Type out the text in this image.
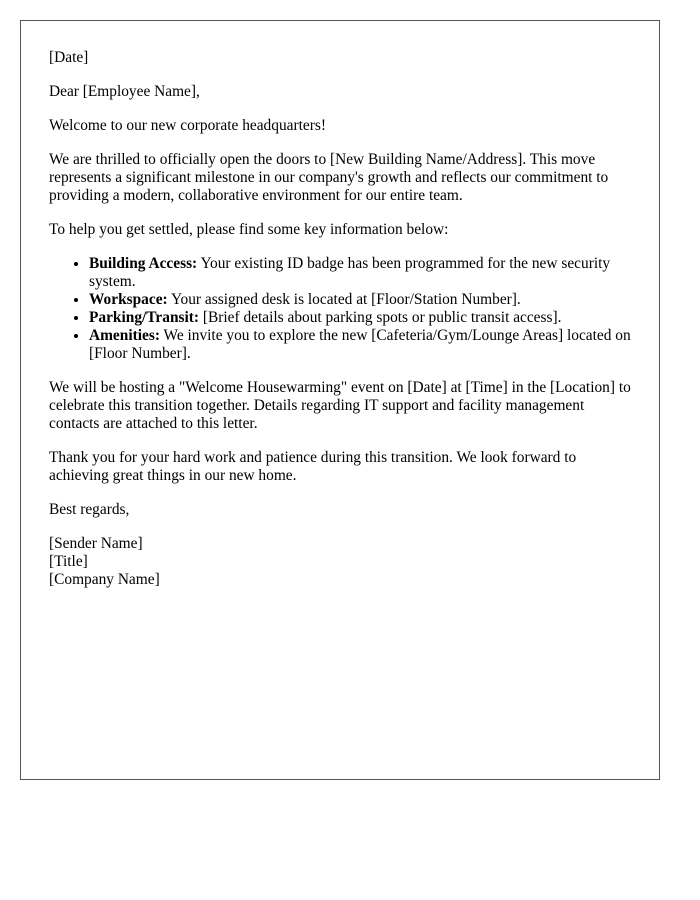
[Date]

Dear [Employee Name],

Welcome to our new corporate headquarters!

We are thrilled to officially open the doors to [New Building Name/Address]. This move represents a significant milestone in our company's growth and reflects our commitment to providing a modern, collaborative environment for our entire team.

To help you get settled, please find some key information below:

• Building Access: Your existing ID badge has been programmed for the new security system.
• Workspace: Your assigned desk is located at [Floor/Station Number].
• Parking/Transit: [Brief details about parking spots or public transit access].
• Amenities: We invite you to explore the new [Cafeteria/Gym/Lounge Areas] located on [Floor Number].

We will be hosting a "Welcome Housewarming" event on [Date] at [Time] in the [Location] to celebrate this transition together. Details regarding IT support and facility management contacts are attached to this letter.

Thank you for your hard work and patience during this transition. We look forward to achieving great things in our new home.

Best regards,

[Sender Name]
[Title]
[Company Name]
